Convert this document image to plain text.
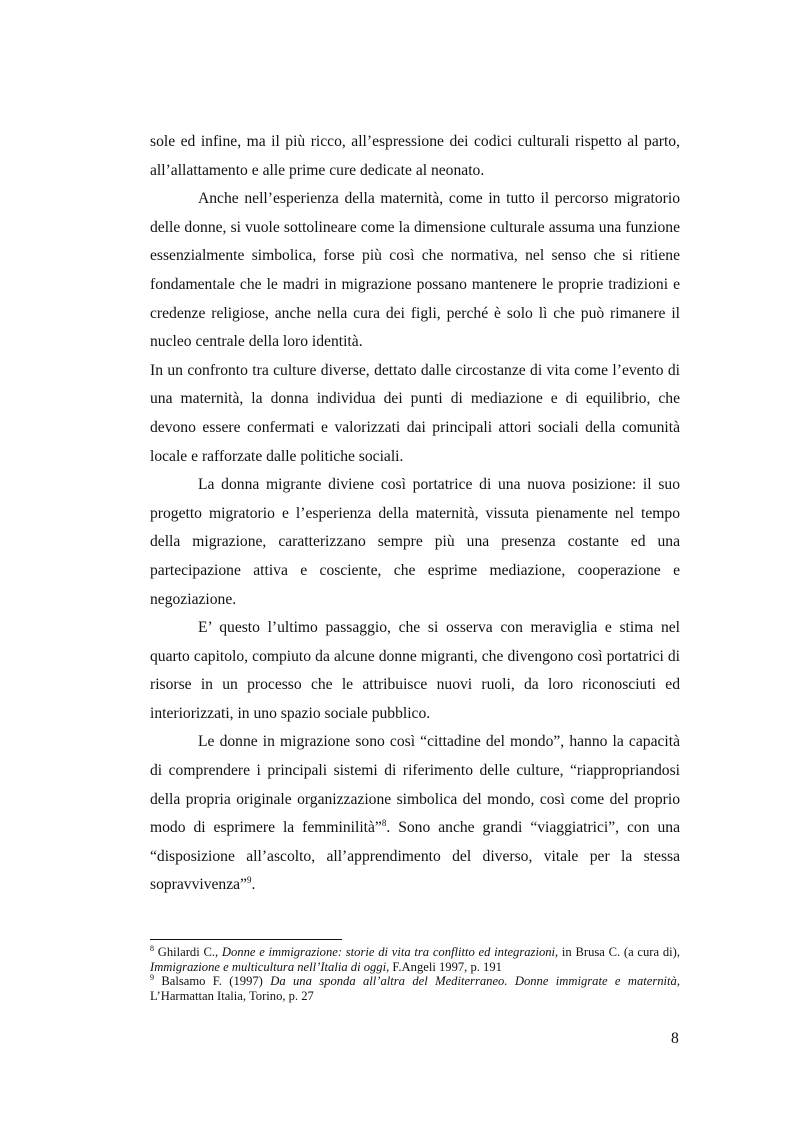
sole ed infine, ma il più ricco, all’espressione dei codici culturali rispetto al parto, all’allattamento e alle prime cure dedicate al neonato.

Anche nell’esperienza della maternità, come in tutto il percorso migratorio delle donne, si vuole sottolineare come la dimensione culturale assuma una funzione essenzialmente simbolica, forse più così che normativa, nel senso che si ritiene fondamentale che le madri in migrazione possano mantenere le proprie tradizioni e credenze religiose, anche nella cura dei figli, perché è solo lì che può rimanere il nucleo centrale della loro identità.

In un confronto tra culture diverse, dettato dalle circostanze di vita come l’evento di una maternità, la donna individua dei punti di mediazione e di equilibrio, che devono essere confermati e valorizzati dai principali attori sociali della comunità locale e rafforzate dalle politiche sociali.

La donna migrante diviene così portatrice di una nuova posizione: il suo progetto migratorio e l’esperienza della maternità, vissuta pienamente nel tempo della migrazione, caratterizzano sempre più una presenza costante ed una partecipazione attiva e cosciente, che esprime mediazione, cooperazione e negoziazione.

E’ questo l’ultimo passaggio, che si osserva con meraviglia e stima nel quarto capitolo, compiuto da alcune donne migranti, che divengono così portatrici di risorse in un processo che le attribuisce nuovi ruoli, da loro riconosciuti ed interiorizzati, in uno spazio sociale pubblico.

Le donne in migrazione sono così “cittadine del mondo”, hanno la capacità di comprendere i principali sistemi di riferimento delle culture, “riappropriandosi della propria originale organizzazione simbolica del mondo, così come del proprio modo di esprimere la femminilità”$^8$. Sono anche grandi “viaggiatrici”, con una “disposizione all’ascolto, all’apprendimento del diverso, vitale per la stessa sopravvivenza”$^9$.

$^8$ Ghilardi C., Donne e immigrazione: storie di vita tra conflitto ed integrazioni, in Brusa C. (a cura di), Immigrazione e multicultura nell’Italia di oggi, F.Angeli 1997, p. 191

$^9$ Balsamo F. (1997) Da una sponda all’altra del Mediterraneo. Donne immigrate e maternità, L’Harmattan Italia, Torino, p. 27

8
